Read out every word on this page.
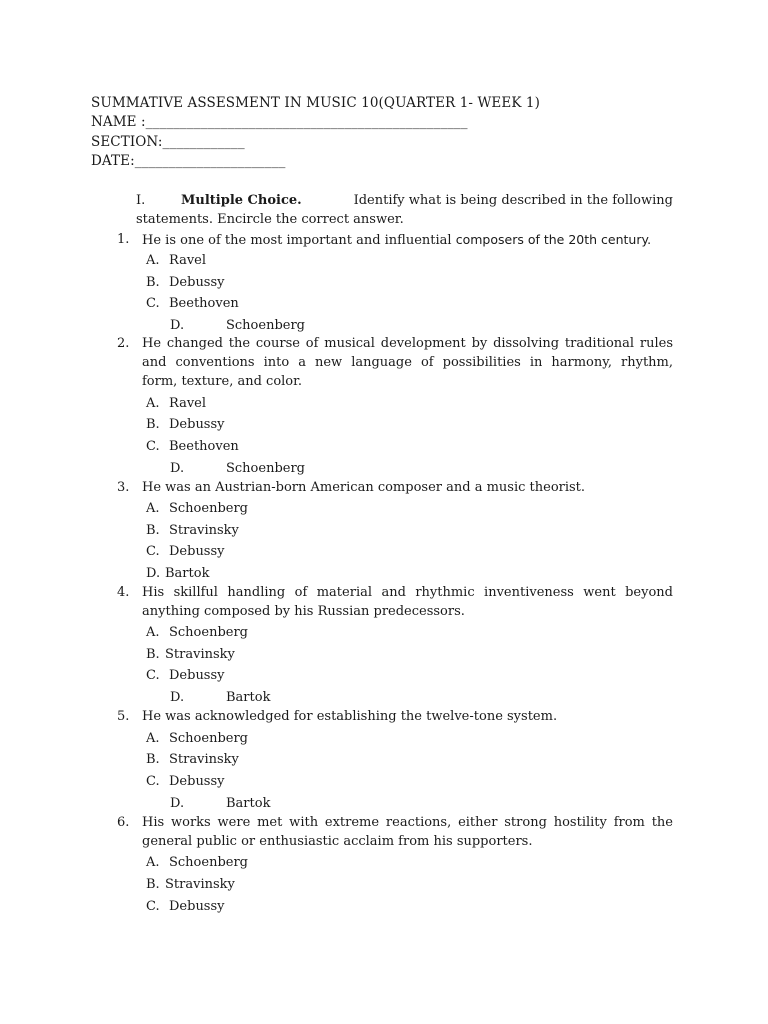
SUMMATIVE ASSESMENT IN MUSIC 10(QUARTER 1- WEEK 1)
NAME :_______________________________________________
SECTION:____________
DATE:______________________
I.	Multiple Choice.	Identify what is being described in the following
statements. Encircle the correct answer.
1. He is one of the most important and influential composers of the 20th century.
A. Ravel
B. Debussy
C. Beethoven
D.	Schoenberg
2. He changed the course of musical development by dissolving traditional rules
and conventions into a new language of possibilities in harmony, rhythm,
form, texture, and color.
A. Ravel
B. Debussy
C. Beethoven
D.	Schoenberg
3. He was an Austrian-born American composer and a music theorist.
A. Schoenberg
B. Stravinsky
C. Debussy
D. Bartok
4. His skillful handling of material and rhythmic inventiveness went beyond
anything composed by his Russian predecessors.
A. Schoenberg
B. Stravinsky
C. Debussy
D.	Bartok
5. He was acknowledged for establishing the twelve-tone system.
A. Schoenberg
B. Stravinsky
C. Debussy
D.	Bartok
6. His works were met with extreme reactions, either strong hostility from the
general public or enthusiastic acclaim from his supporters.
A. Schoenberg
B. Stravinsky
C. Debussy
